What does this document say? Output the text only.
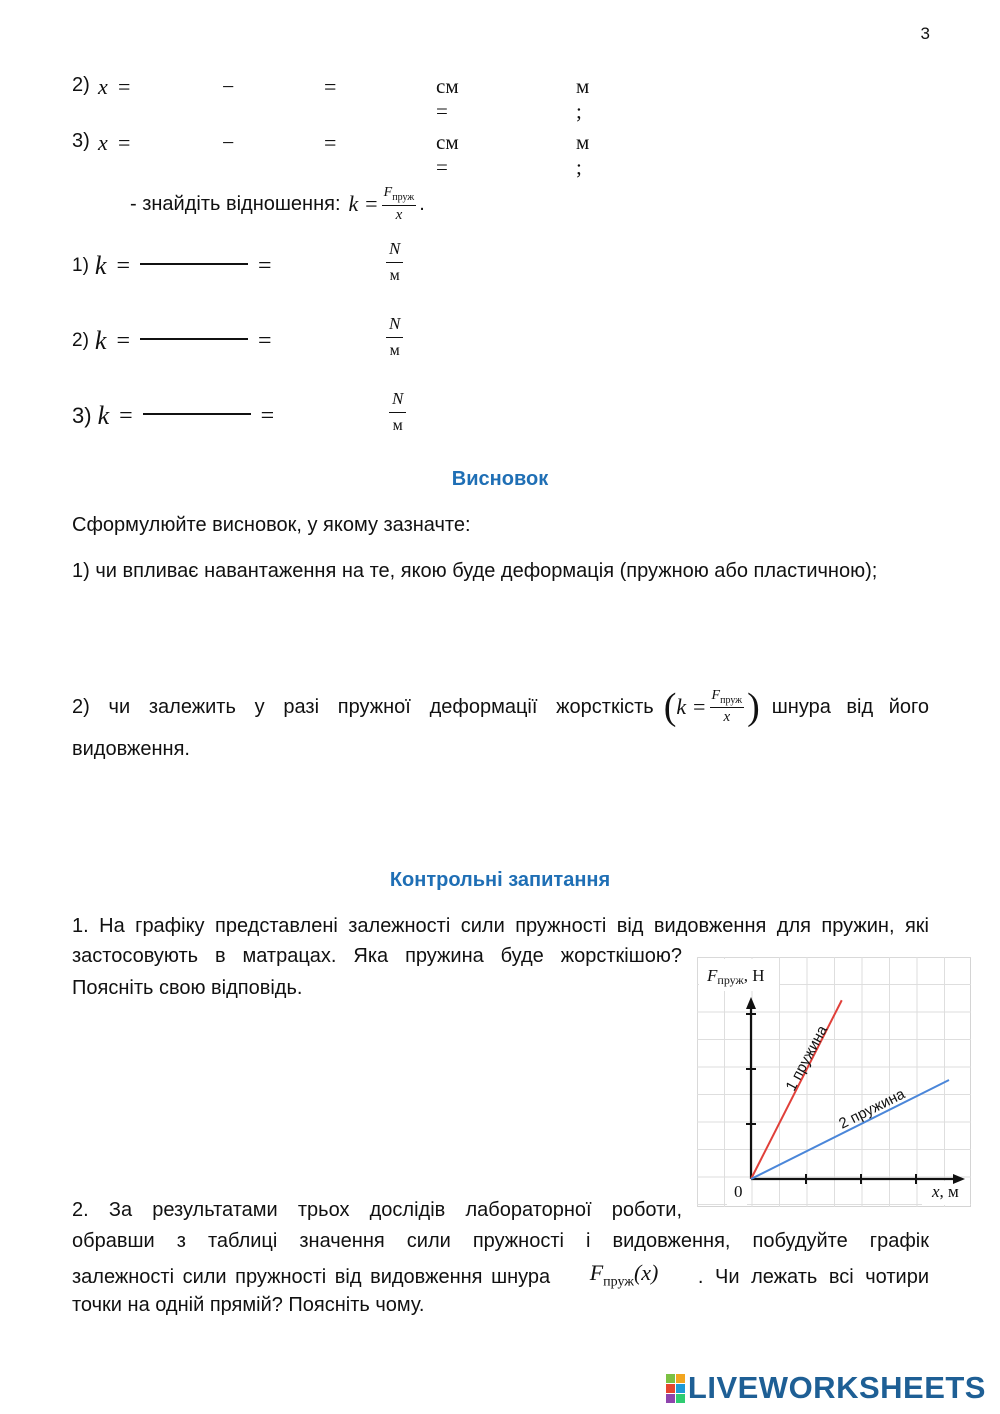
3
2) x =	−	=	см =
м ;
3) x =	−	=	см =
м ;
- знайдіть відношення: $k = \frac{F_{пруж}}{x}$ .
1) k =	=
N
м
2) k =	=
N
м
3) k =	=
N
м
Висновок
Сформулюйте висновок, у якому зазначте:
1) чи впливає навантаження на те, якою буде деформація (пружною або пластичною);
2) чи залежить у разі пружної деформації жорсткість ( $k = \frac{F_{пруж}}{x}$ ) шнура від його
видовження.
Контрольні запитання
1. На графіку представлені залежності сили пружності від видовження для пружин, які
застосовують в матрацах. Яка пружина буде жорсткішою?
Поясніть свою відповідь.
2. За результатами трьох дослідів лабораторної роботи,
обравши з таблиці значення сили пружності і видовження, побудуйте графік
залежності сили пружності від видовження шнура $F_{пруж}(x)$ . Чи лежать всі чотири
точки на одній прямій? Поясніть чому.
1 пружина
2 пружина
Fпруж, Н
x, м
0
LIVEWORKSHEETS
